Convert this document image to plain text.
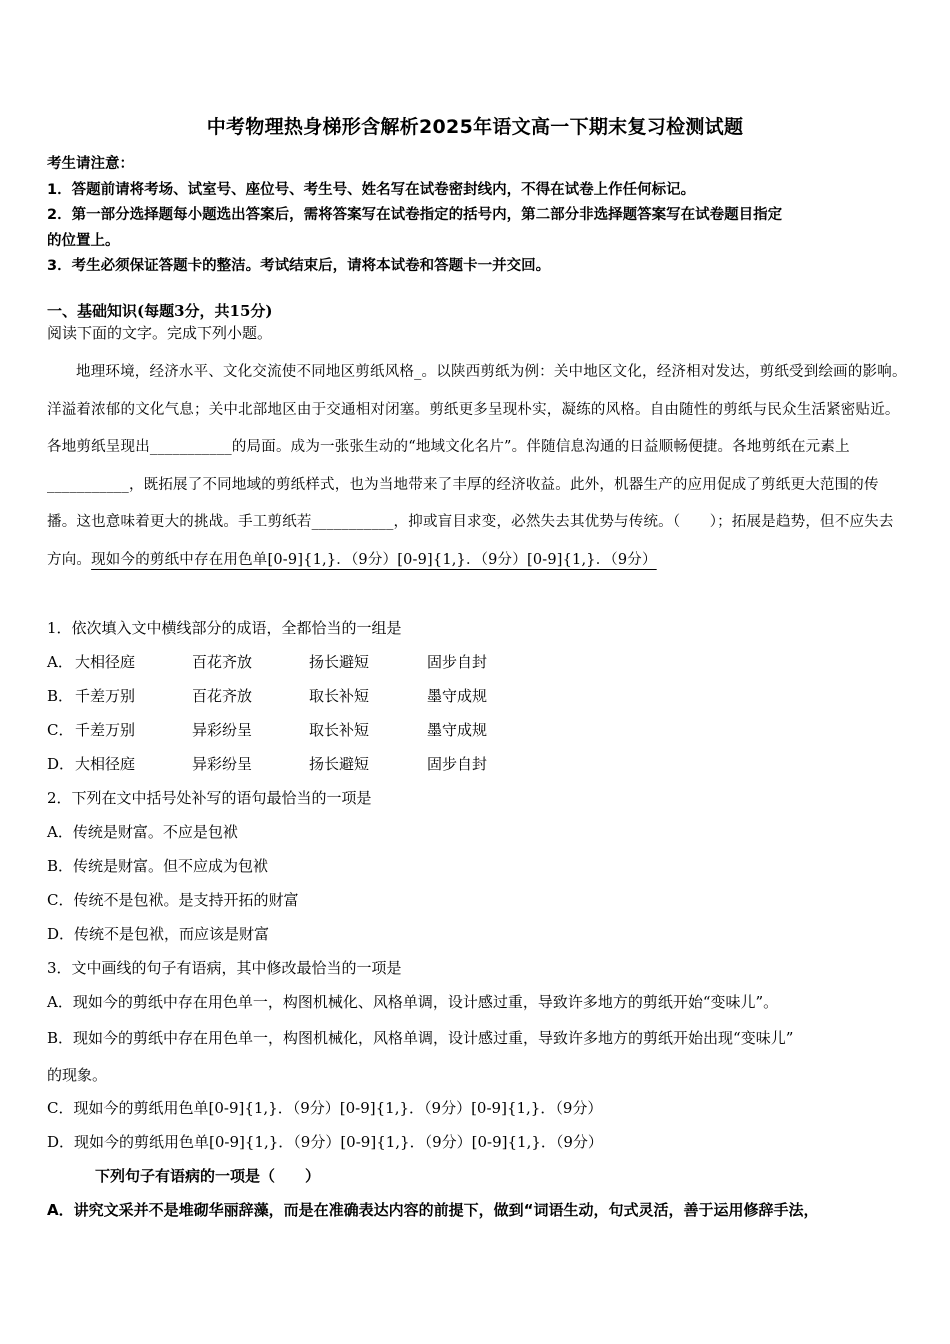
中考物理热身梯形含解析2025年语文高一下期末复习检测试题
考生请注意：
1．答题前请将考场、试室号、座位号、考生号、姓名写在试卷密封线内，不得在试卷上作任何标记。
2．第一部分选择题每小题选出答案后，需将答案写在试卷指定的括号内，第二部分非选择题答案写在试卷题目指定
的位置上。
3．考生必须保证答题卡的整洁。考试结束后，请将本试卷和答题卡一并交回。
一、基础知识(每题3分，共15分)
阅读下面的文字。完成下列小题。
地理环境，经济水平、文化交流使不同地区剪纸风格_。以陕西剪纸为例：关中地区文化，经济相对发达，剪纸受到绘画的影响。洋溢着浓郁的文化气息；关中北部地区由于交通相对闭塞。剪纸更多呈现朴实，凝练的风格。自由随性的剪纸与民众生活紧密贴近。各地剪纸呈现出___________的局面。成为一张张生动的“地域文化名片”。伴随信息沟通的日益顺畅便捷。各地剪纸在元素上___________，既拓展了不同地域的剪纸样式，也为当地带来了丰厚的经济收益。此外，机器生产的应用促成了剪纸更大范围的传播。这也意味着更大的挑战。手工剪纸若___________，抑或盲目求变，必然失去其优势与传统。（　　）；拓展是趋势，但不应失去方向。现如今的剪纸中存在用色单[0-9]{1,}．（9分）[0-9]{1,}．（9分）[0-9]{1,}．（9分）
1．依次填入文中横线部分的成语，全都恰当的一组是
A． 大相径庭	百花齐放	扬长避短	固步自封
B． 千差万别	百花齐放	取长补短	墨守成规
C． 千差万别	异彩纷呈	取长补短	墨守成规
D． 大相径庭	异彩纷呈	扬长避短	固步自封
2．下列在文中括号处补写的语句最恰当的一项是
A．传统是财富。不应是包袱
B．传统是财富。但不应成为包袱
C．传统不是包袱。是支持开拓的财富
D．传统不是包袱，而应该是财富
3．文中画线的句子有语病，其中修改最恰当的一项是
A．现如今的剪纸中存在用色单一，构图机械化、风格单调，设计感过重，导致许多地方的剪纸开始“变味儿”。
B．现如今的剪纸中存在用色单一，构图机械化，风格单调，设计感过重，导致许多地方的剪纸开始出现“变味儿”
的现象。
C．现如今的剪纸用色单[0-9]{1,}．（9分）[0-9]{1,}．（9分）[0-9]{1,}．（9分）
D．现如今的剪纸用色单[0-9]{1,}．（9分）[0-9]{1,}．（9分）[0-9]{1,}．（9分）
下列句子有语病的一项是（　　）
A．讲究文采并不是堆砌华丽辞藻，而是在准确表达内容的前提下，做到“词语生动，句式灵活，善于运用修辞手法，
